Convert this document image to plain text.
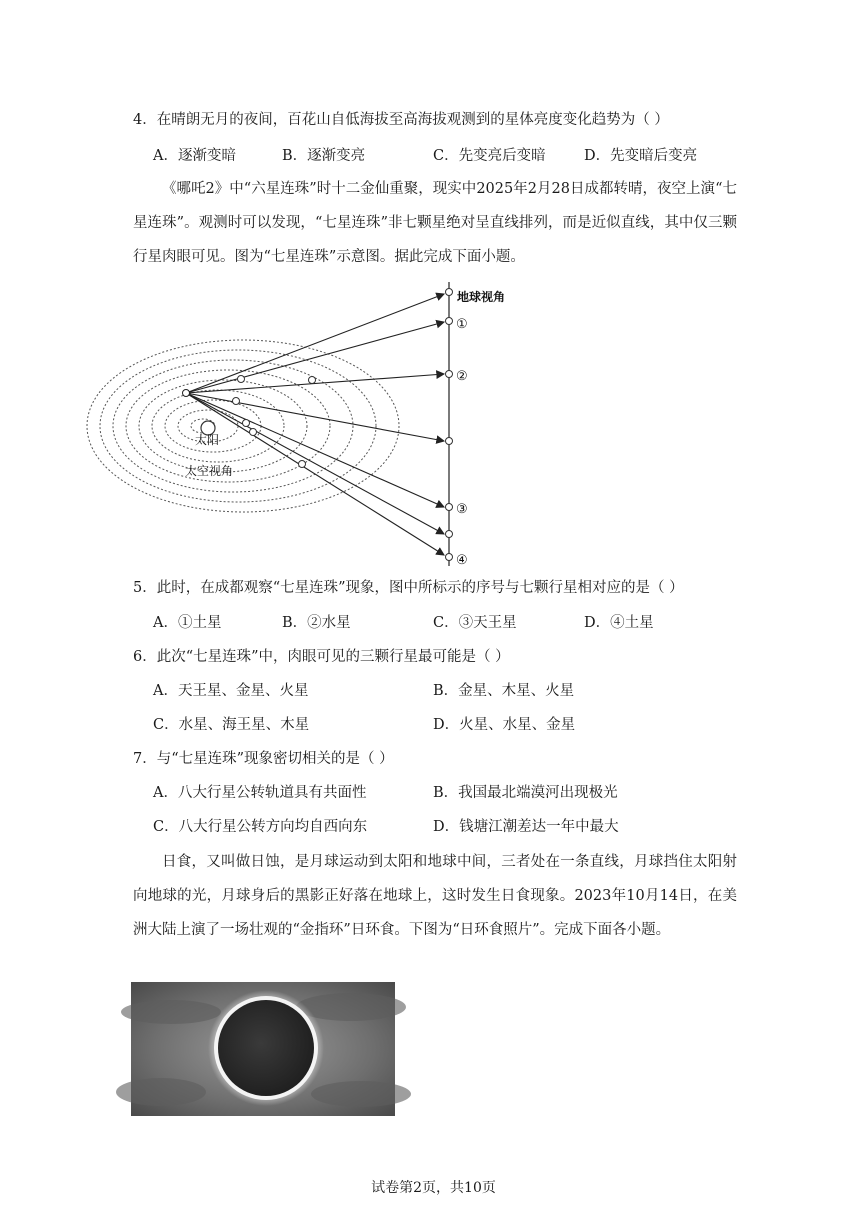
4．在晴朗无月的夜间，百花山自低海拔至高海拔观测到的星体亮度变化趋势为（ ）
A．逐渐变暗	B．逐渐变亮	C．先变亮后变暗	D．先变暗后变亮
《哪吒2》中“六星连珠”时十二金仙重聚，现实中2025年2月28日成都转晴，夜空上演“七星连珠”。观测时可以发现，“七星连珠”非七颗星绝对呈直线排列，而是近似直线，其中仅三颗行星肉眼可见。图为“七星连珠”示意图。据此完成下面小题。
太阳
太空视角
地球视角
①
②
③
④
5．此时，在成都观察“七星连珠”现象，图中所标示的序号与七颗行星相对应的是（ ）
A．①土星	B．②水星	C．③天王星	D．④土星
6．此次“七星连珠”中，肉眼可见的三颗行星最可能是（ ）
A．天王星、金星、火星	B．金星、木星、火星
C．水星、海王星、木星	D．火星、水星、金星
7．与“七星连珠”现象密切相关的是（ ）
A．八大行星公转轨道具有共面性	B．我国最北端漠河出现极光
C．八大行星公转方向均自西向东	D．钱塘江潮差达一年中最大
日食，又叫做日蚀，是月球运动到太阳和地球中间，三者处在一条直线，月球挡住太阳射向地球的光，月球身后的黑影正好落在地球上，这时发生日食现象。2023年10月14日，在美洲大陆上演了一场壮观的“金指环”日环食。下图为“日环食照片”。完成下面各小题。
试卷第2页，共10页
